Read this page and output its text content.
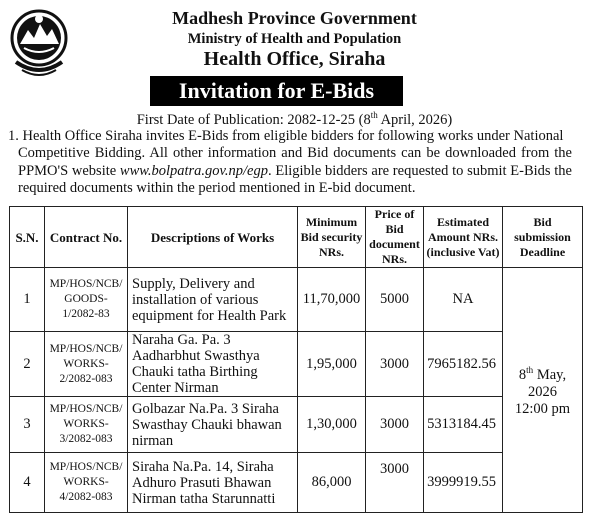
Madhesh Province Government
Ministry of Health and Population
Health Office, Siraha
Invitation for E-Bids
First Date of Publication: 2082-12-25 (8th April, 2026)
1. Health Office Siraha invites E-Bids from eligible bidders for following works under National
Competitive Bidding. All other information and Bid documents can be downloaded from the PPMO'S website www.bolpatra.gov.np/egp. Eligible bidders are requested to submit E-Bids the required documents within the period mentioned in E-bid document.
S.N.	Contract No.	Descriptions of Works	Minimum Bid security NRs.	Price of Bid document NRs.	Estimated Amount NRs. (inclusive Vat)	Bid submission Deadline
1	MP/HOS/NCB/ GOODS- 1/2082-83	Supply, Delivery and installation of various equipment for Health Park	11,70,000	5000	NA	8th May,
2026
12:00 pm

2	MP/HOS/NCB/ WORKS- 2/2082-083	Naraha Ga. Pa. 3 Aadharbhut Swasthya Chauki tatha Birthing Center Nirman	1,95,000	3000	7965182.56	
3	MP/HOS/NCB/ WORKS- 3/2082-083	Golbazar Na.Pa. 3 Siraha Swasthay Chauki bhawan nirman	1,30,000	3000	5313184.45	
4	MP/HOS/NCB/ WORKS- 4/2082-083	Siraha Na.Pa. 14, Siraha Adhuro Prasuti Bhawan Nirman tatha Starunnatti	86,000	3000	3999919.55	
